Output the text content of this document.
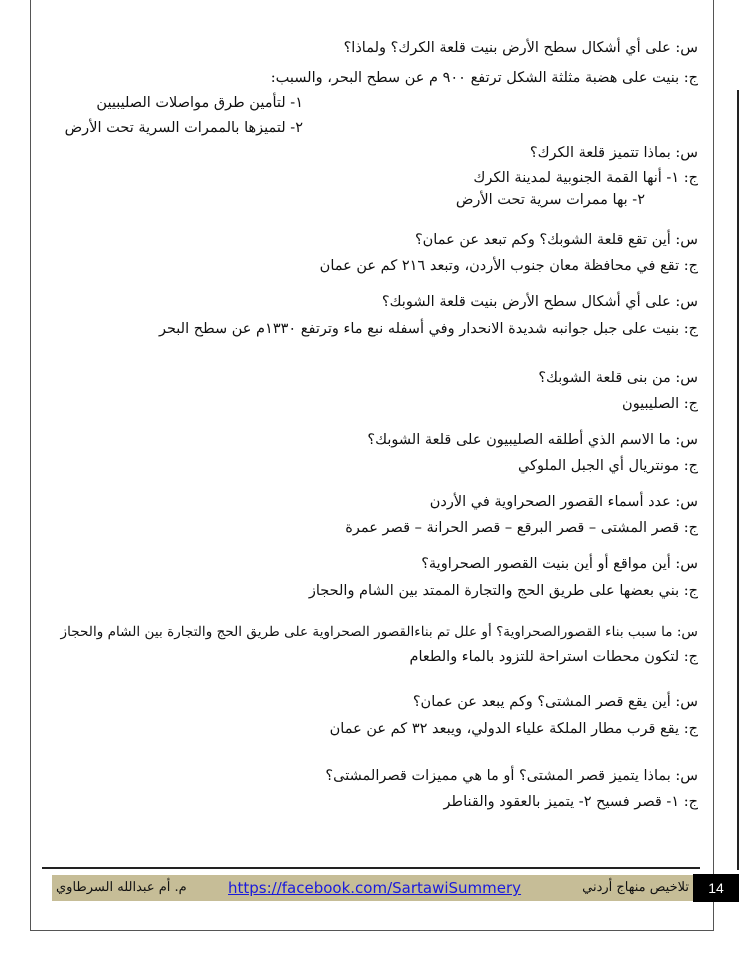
س: على أي أشكال سطح الأرض بنيت قلعة الكرك؟ ولماذا؟
ج: بنيت على هضبة مثلثة الشكل ترتفع ٩٠٠ م عن سطح البحر، والسبب:
١- لتأمين طرق مواصلات الصليبيين
٢- لتميزها بالممرات السرية تحت الأرض
س: بماذا تتميز قلعة الكرك؟
ج: ١- أنها القمة الجنوبية لمدينة الكرك
٢- بها ممرات سرية تحت الأرض
س: أين تقع قلعة الشوبك؟ وكم تبعد عن عمان؟
ج: تقع في محافظة معان جنوب الأردن، وتبعد ٢١٦ كم عن عمان
س: على أي أشكال سطح الأرض بنيت قلعة الشوبك؟
ج: بنيت على جبل جوانبه شديدة الانحدار وفي أسفله نبع ماء وترتفع ١٣٣٠م عن سطح البحر
س: من بنى قلعة الشوبك؟
ج: الصليبيون
س: ما الاسم الذي أطلقه الصليبيون على قلعة الشوبك؟
ج: مونتريال أي الجبل الملوكي
س: عدد أسماء القصور الصحراوية في الأردن
ج: قصر المشتى – قصر البرقع – قصر الحرانة – قصر عمرة
س: أين مواقع أو أين بنيت القصور الصحراوية؟
ج: بني بعضها على طريق الحج والتجارة الممتد بين الشام والحجاز
س: ما سبب بناء القصورالصحراوية؟ أو علل تم بناءالقصور الصحراوية على طريق الحج والتجارة بين الشام والحجاز
ج: لتكون محطات استراحة للتزود بالماء والطعام
س: أين يقع قصر المشتى؟ وكم يبعد عن عمان؟
ج: يقع قرب مطار الملكة علياء الدولي، ويبعد ٣٢ كم عن عمان
س: بماذا يتميز قصر المشتى؟ أو ما هي مميزات قصرالمشتى؟
ج: ١- قصر فسيح ٢- يتميز بالعقود والقناطر
تلاخيص منهاج أردني
https://facebook.com/SartawiSummery
م. أم عبدالله السرطاوي	14
